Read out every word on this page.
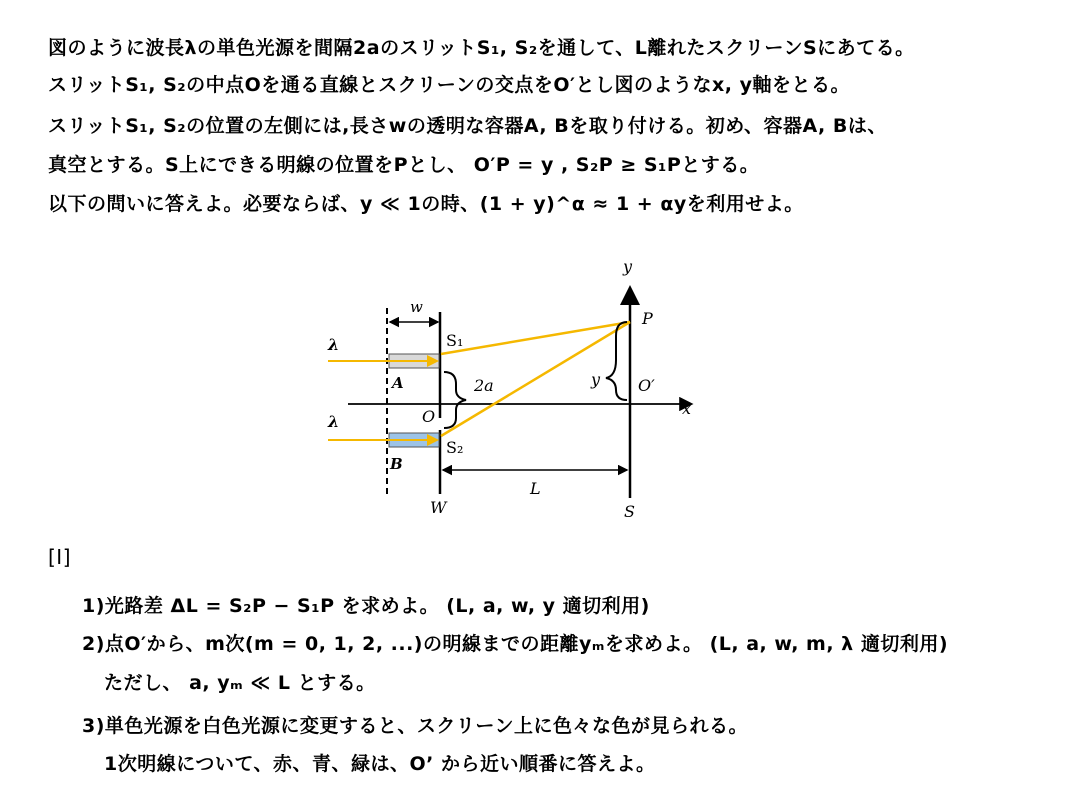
図のように波長λの単色光源を間隔2aのスリットS₁, S₂を通して、L離れたスクリーンSにあてる。
スリットS₁, S₂の中点Oを通る直線とスクリーンの交点をO′とし図のようなx, y軸をとる。
スリットS₁, S₂の位置の左側には,長さwの透明な容器A, Bを取り付ける。初め、容器A, Bは、
真空とする。S上にできる明線の位置をPとし、 O′P = y , S₂P ≥ S₁Pとする。
以下の問いに答えよ。必要ならば、y ≪ 1の時、(1 + y)^α ≈ 1 + αyを利用せよ。
w
S₁
S₂
λ
λ
A
B
2a
O
y
P
y O′
x
L
W	S
[Ⅰ]
1)光路差 ΔL = S₂P − S₁P を求めよ。 (L, a, w, y 適切利用)
2)点O′から、m次(m = 0, 1, 2, ...)の明線までの距離yₘを求めよ。 (L, a, w, m, λ 適切利用)
ただし、 a, yₘ ≪ L とする。
3)単色光源を白色光源に変更すると、スクリーン上に色々な色が見られる。
1次明線について、赤、青、緑は、O’ から近い順番に答えよ。
